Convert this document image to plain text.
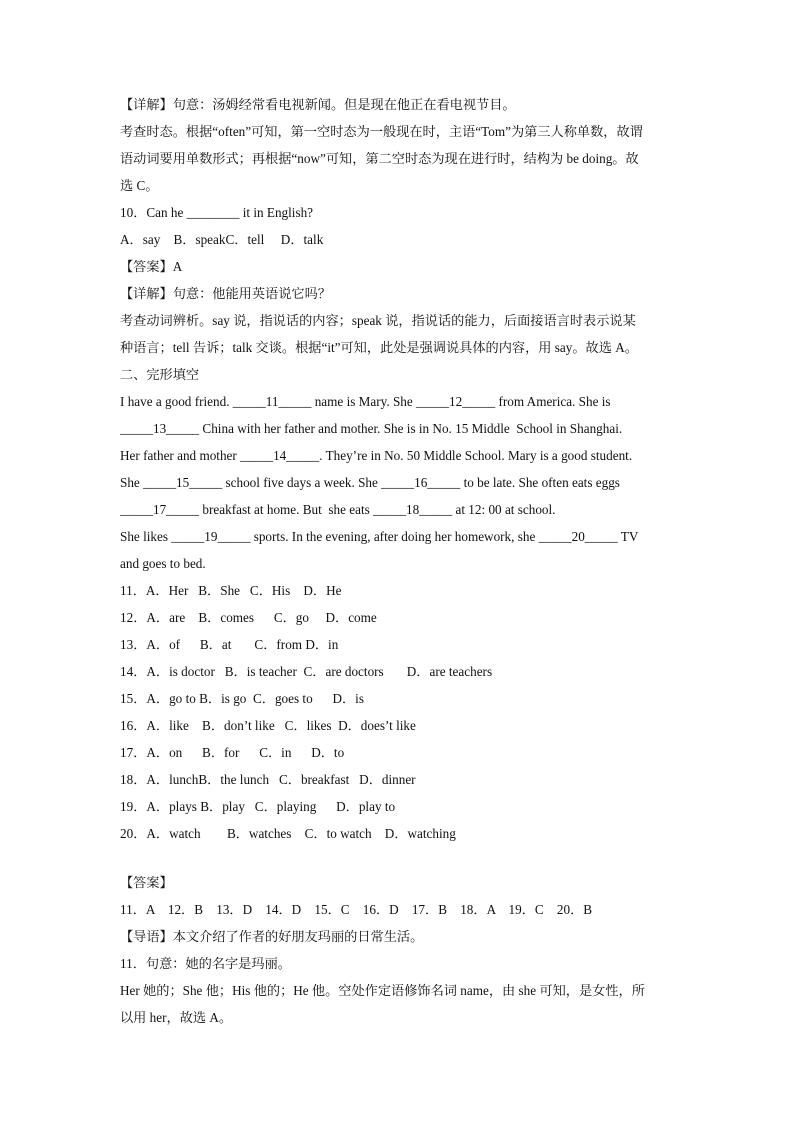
【详解】句意：汤姆经常看电视新闻。但是现在他正在看电视节目。
考查时态。根据“often”可知，第一空时态为一般现在时，主语“Tom”为第三人称单数，故谓
语动词要用单数形式；再根据“now”可知，第二空时态为现在进行时，结构为 be doing。故
选 C。
10．Can he ________ it in English?
A．say    B．speakC．tell     D．talk
【答案】A
【详解】句意：他能用英语说它吗？
考查动词辨析。say 说，指说话的内容；speak 说，指说话的能力，后面接语言时表示说某
种语言；tell 告诉；talk 交谈。根据“it”可知，此处是强调说具体的内容，用 say。故选 A。
二、完形填空
I have a good friend. _____11_____ name is Mary. She _____12_____ from America. She is
_____13_____ China with her father and mother. She is in No. 15 Middle  School in Shanghai.
Her father and mother _____14_____. They’re in No. 50 Middle School. Mary is a good student.
She _____15_____ school five days a week. She _____16_____ to be late. She often eats eggs
_____17_____ breakfast at home. But  she eats _____18_____ at 12: 00 at school.
She likes _____19_____ sports. In the evening, after doing her homework, she _____20_____ TV
and goes to bed.
11．A．Her   B．She   C．His    D．He
12．A．are    B．comes      C．go     D．come
13．A．of      B．at       C．from D．in
14．A．is doctor   B．is teacher  C．are doctors       D．are teachers
15．A．go to B．is go  C．goes to      D．is
16．A．like    B．don’t like   C．likes  D．does’t like
17．A．on      B．for      C．in      D．to
18．A．lunchB．the lunch   C．breakfast   D．dinner
19．A．plays B．play   C．playing      D．play to
20．A．watch        B．watches    C．to watch    D．watching
【答案】
11．A    12．B    13．D    14．D    15．C    16．D    17．B    18．A    19．C    20．B
【导语】本文介绍了作者的好朋友玛丽的日常生活。
11．句意：她的名字是玛丽。
Her 她的；She 他；His 他的；He 他。空处作定语修饰名词 name，由 she 可知，是女性，所
以用 her，故选 A。
